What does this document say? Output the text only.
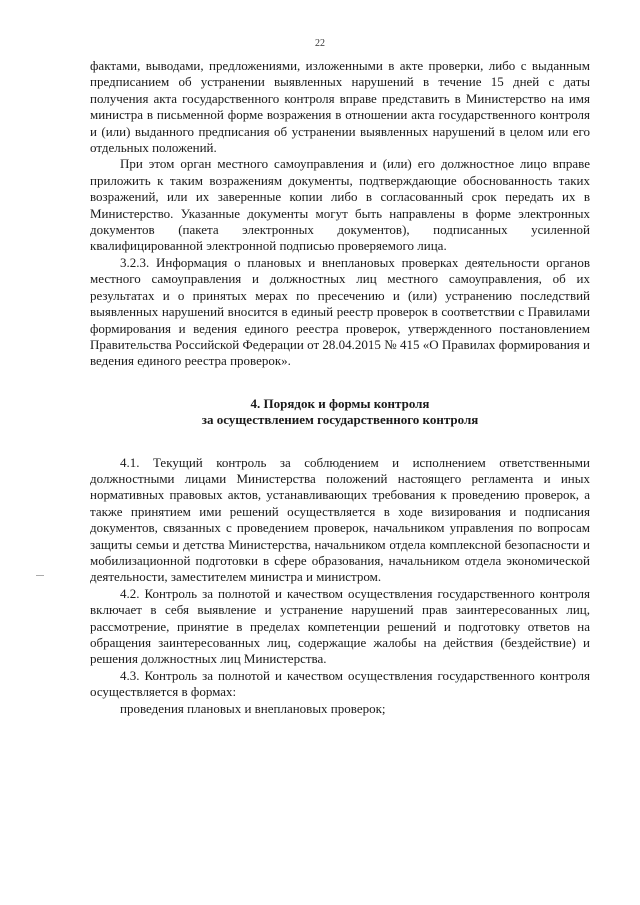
22

фактами, выводами, предложениями, изложенными в акте проверки, либо с выданным предписанием об устранении выявленных нарушений в течение 15 дней с даты получения акта государственного контроля вправе представить в Министерство на имя министра в письменной форме возражения в отношении акта государственного контроля и (или) выданного предписания об устранении выявленных нарушений в целом или его отдельных положений.

При этом орган местного самоуправления и (или) его должностное лицо вправе приложить к таким возражениям документы, подтверждающие обоснованность таких возражений, или их заверенные копии либо в согласованный срок передать их в Министерство. Указанные документы могут быть направлены в форме электронных документов (пакета электронных документов), подписанных усиленной квалифицированной электронной подписью проверяемого лица.

3.2.3. Информация о плановых и внеплановых проверках деятельности органов местного самоуправления и должностных лиц местного самоуправления, об их результатах и о принятых мерах по пресечению и (или) устранению последствий выявленных нарушений вносится в единый реестр проверок в соответствии с Правилами формирования и ведения единого реестра проверок, утвержденного постановлением Правительства Российской Федерации от 28.04.2015 № 415 «О Правилах формирования и ведения единого реестра проверок».

4. Порядок и формы контроля
за осуществлением государственного контроля

4.1. Текущий контроль за соблюдением и исполнением ответственными должностными лицами Министерства положений настоящего регламента и иных нормативных правовых актов, устанавливающих требования к проведению проверок, а также принятием ими решений осуществляется в ходе визирования и подписания документов, связанных с проведением проверок, начальником управления по вопросам защиты семьи и детства Министерства, начальником отдела комплексной безопасности и мобилизационной подготовки в сфере образования, начальником отдела экономической деятельности, заместителем министра и министром.

4.2. Контроль за полнотой и качеством осуществления государственного контроля включает в себя выявление и устранение нарушений прав заинтересованных лиц, рассмотрение, принятие в пределах компетенции решений и подготовку ответов на обращения заинтересованных лиц, содержащие жалобы на действия (бездействие) и решения должностных лиц Министерства.

4.3. Контроль за полнотой и качеством осуществления государственного контроля осуществляется в формах:

проведения плановых и внеплановых проверок;
